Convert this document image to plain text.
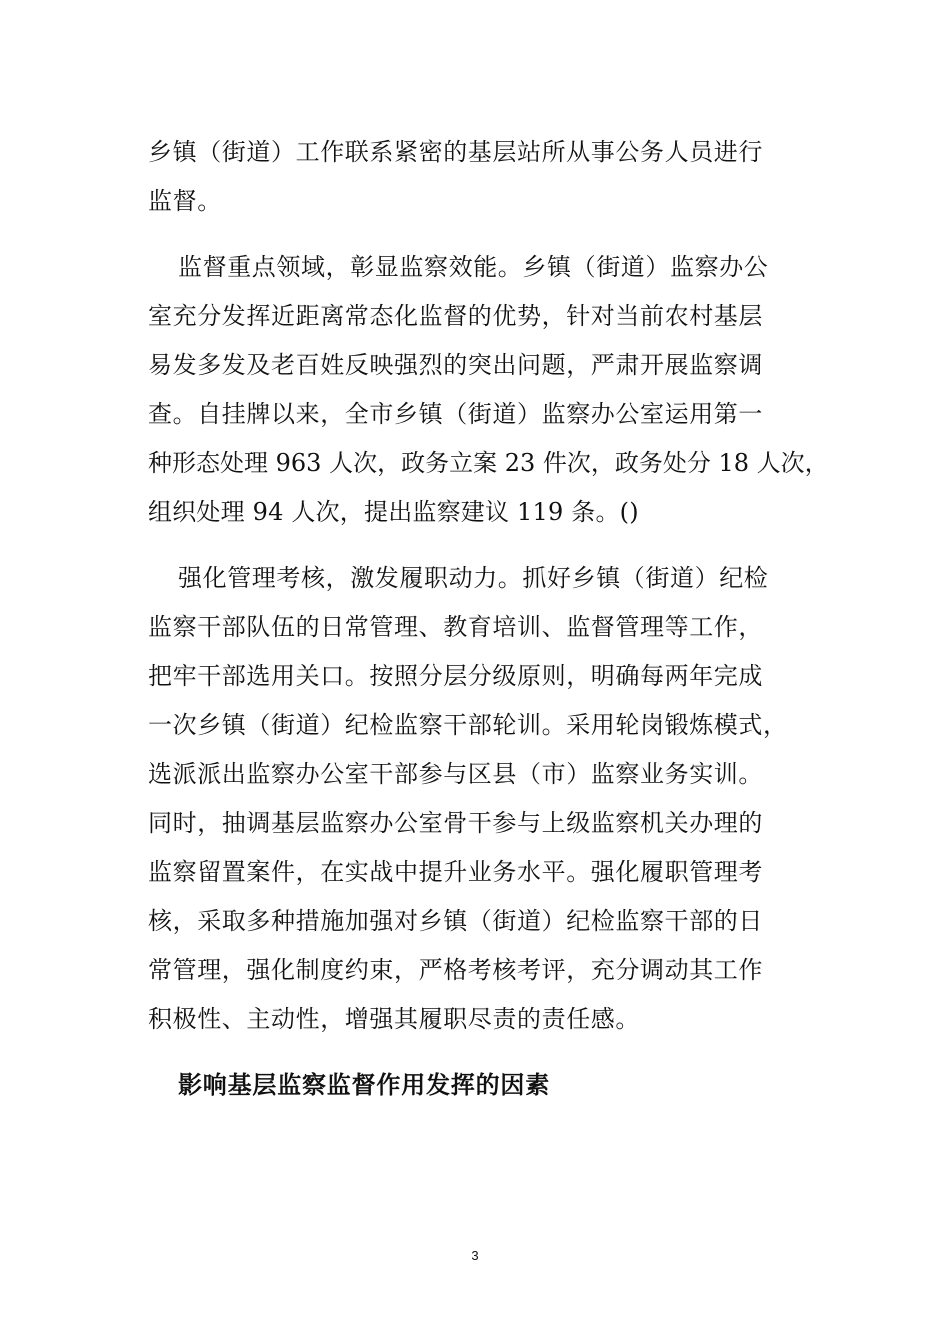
乡镇（街道）工作联系紧密的基层站所从事公务人员进行
监督。
监督重点领域，彰显监察效能。乡镇（街道）监察办公
室充分发挥近距离常态化监督的优势，针对当前农村基层
易发多发及老百姓反映强烈的突出问题，严肃开展监察调
查。自挂牌以来，全市乡镇（街道）监察办公室运用第一
种形态处理 963 人次，政务立案 23 件次，政务处分 18 人次，
组织处理 94 人次，提出监察建议 119 条。()
强化管理考核，激发履职动力。抓好乡镇（街道）纪检
监察干部队伍的日常管理、教育培训、监督管理等工作，
把牢干部选用关口。按照分层分级原则，明确每两年完成
一次乡镇（街道）纪检监察干部轮训。采用轮岗锻炼模式，
选派派出监察办公室干部参与区县（市）监察业务实训。
同时，抽调基层监察办公室骨干参与上级监察机关办理的
监察留置案件，在实战中提升业务水平。强化履职管理考
核，采取多种措施加强对乡镇（街道）纪检监察干部的日
常管理，强化制度约束，严格考核考评，充分调动其工作
积极性、主动性，增强其履职尽责的责任感。
影响基层监察监督作用发挥的因素
3
